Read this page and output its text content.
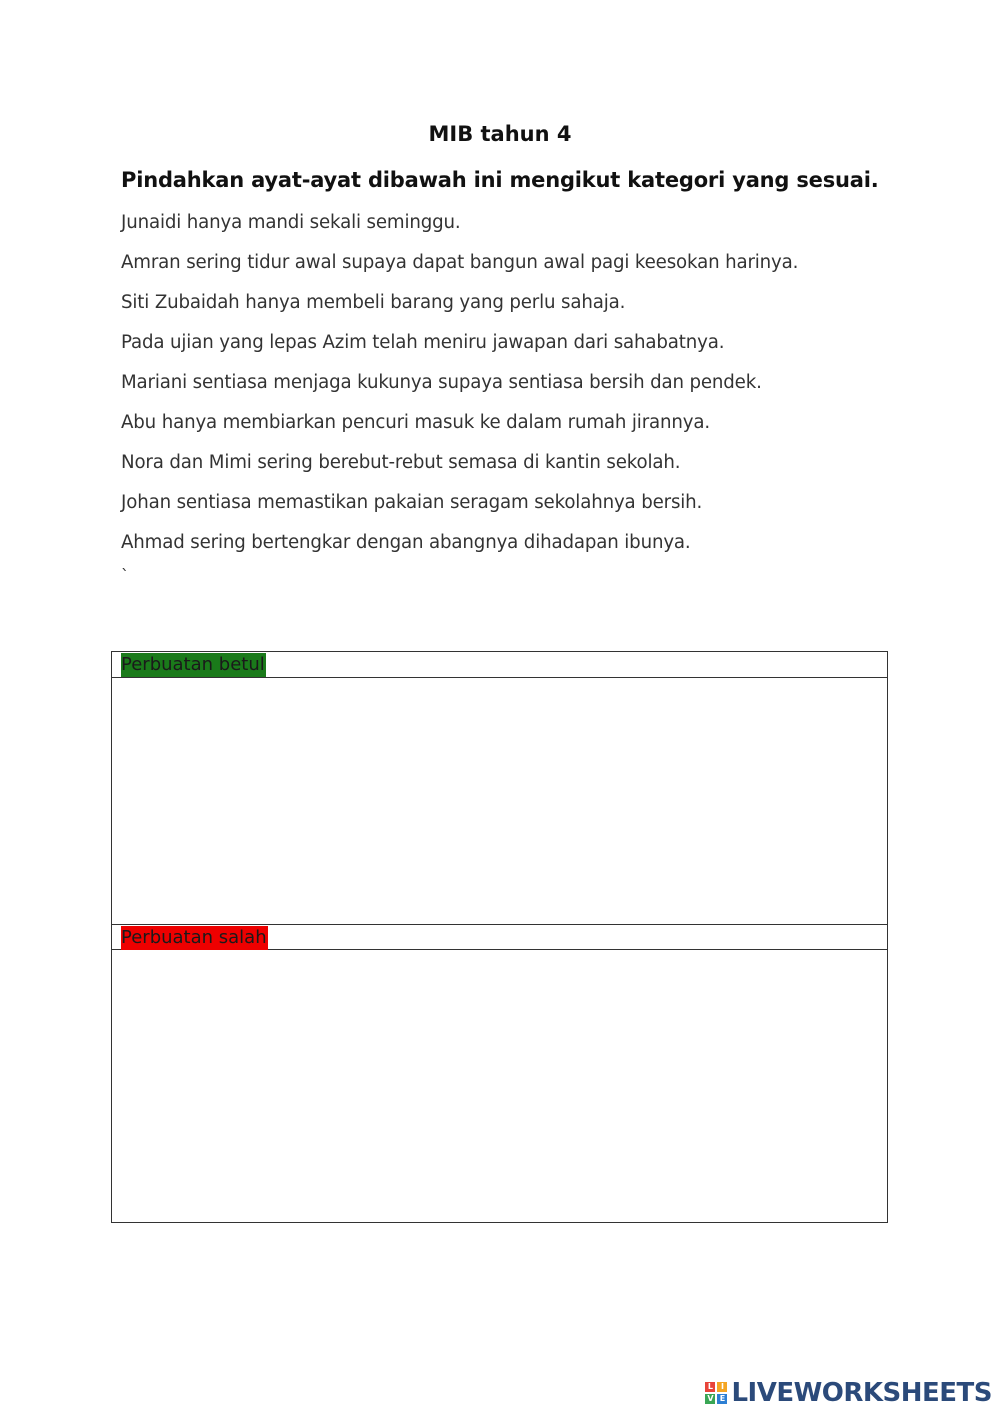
MIB tahun 4
Pindahkan ayat-ayat dibawah ini mengikut kategori yang sesuai.
Junaidi hanya mandi sekali seminggu.
Amran sering tidur awal supaya dapat bangun awal pagi keesokan harinya.
Siti Zubaidah hanya membeli barang yang perlu sahaja.
Pada ujian yang lepas Azim telah meniru jawapan dari sahabatnya.
Mariani sentiasa menjaga kukunya supaya sentiasa bersih dan pendek.
Abu hanya membiarkan pencuri masuk ke dalam rumah jirannya.
Nora dan Mimi sering berebut-rebut semasa di kantin sekolah.
Johan sentiasa memastikan pakaian seragam sekolahnya bersih.
Ahmad sering bertengkar dengan abangnya dihadapan ibunya.
`
Perbuatan betul
Perbuatan salah
L I
V E LIVEWORKSHEETS
